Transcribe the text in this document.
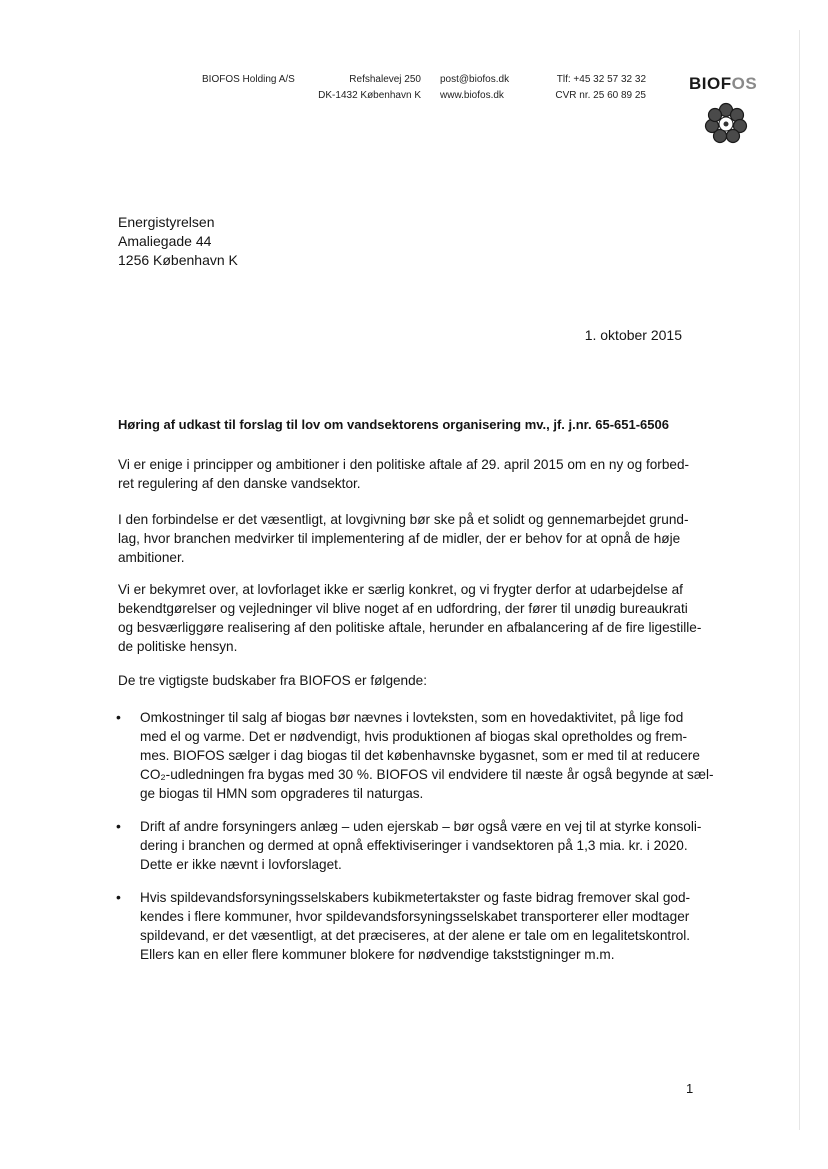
BIOFOS Holding A/S	Refshalevej 250
DK-1432 København K
post@biofos.dk
www.biofos.dk
Tlf: +45 32 57 32 32
CVR nr. 25 60 89 25
BIOFOS
Energistyrelsen
Amaliegade 44
1256 København K
1. oktober 2015
Høring af udkast til forslag til lov om vandsektorens organisering mv., jf. j.nr. 65-651-6506
Vi er enige i principper og ambitioner i den politiske aftale af 29. april 2015 om en ny og forbed-
ret regulering af den danske vandsektor.
I den forbindelse er det væsentligt, at lovgivning bør ske på et solidt og gennemarbejdet grund-
lag, hvor branchen medvirker til implementering af de midler, der er behov for at opnå de høje
ambitioner.
Vi er bekymret over, at lovforlaget ikke er særlig konkret, og vi frygter derfor at udarbejdelse af
bekendtgørelser og vejledninger vil blive noget af en udfordring, der fører til unødig bureaukrati
og besværliggøre realisering af den politiske aftale, herunder en afbalancering af de fire ligestille-
de politiske hensyn.
De tre vigtigste budskaber fra BIOFOS er følgende:
• Omkostninger til salg af biogas bør nævnes i lovteksten, som en hovedaktivitet, på lige fod
med el og varme. Det er nødvendigt, hvis produktionen af biogas skal opretholdes og frem-
mes. BIOFOS sælger i dag biogas til det københavnske bygasnet, som er med til at reducere
CO₂-udledningen fra bygas med 30 %. BIOFOS vil endvidere til næste år også begynde at sæl-
ge biogas til HMN som opgraderes til naturgas.
• Drift af andre forsyningers anlæg – uden ejerskab – bør også være en vej til at styrke konsoli-
dering i branchen og dermed at opnå effektiviseringer i vandsektoren på 1,3 mia. kr. i 2020.
Dette er ikke nævnt i lovforslaget.
• Hvis spildevandsforsyningsselskabers kubikmetertakster og faste bidrag fremover skal god-
kendes i flere kommuner, hvor spildevandsforsyningsselskabet transporterer eller modtager
spildevand, er det væsentligt, at det præciseres, at der alene er tale om en legalitetskontrol.
Ellers kan en eller flere kommuner blokere for nødvendige takststigninger m.m.
1
